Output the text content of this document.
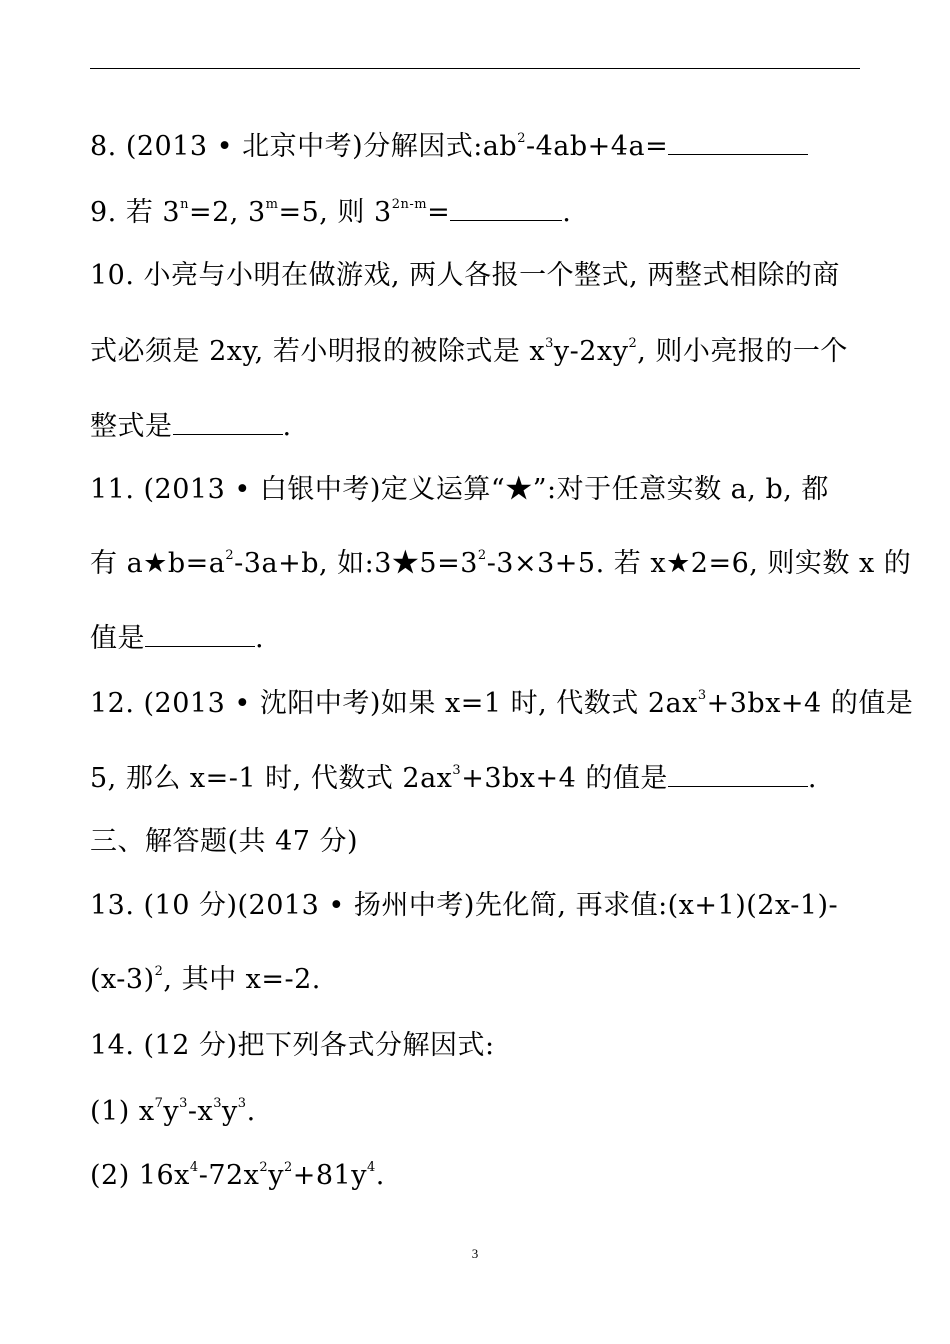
8. (2013 • 北京中考)分解因式$:ab^2-4ab+4a=$
9. 若 $3^n=2$, $3^m=5$, 则 $3^{2n-m}=$	.
10. 小亮与小明在做游戏, 两人各报一个整式, 两整式相除的商
式必须是 2xy, 若小明报的被除式是 $x^3y-2xy^2$, 则小亮报的一个
整式是	.
11. (2013 • 白银中考)定义运算“★”:对于任意实数 a, b, 都
有 $a★b=a^2-3a+b$, 如$:3★5=3^2-3\times 3+5$. 若 x★2=6, 则实数 x 的
值是	.
12. (2013 • 沈阳中考)如果 x=1 时, 代数式 $2ax^3+3bx+4$ 的值是
5, 那么 x=-1 时, 代数式 $2ax^3+3bx+4$ 的值是	.
三、解答题(共 47 分)
13. (10 分)(2013 • 扬州中考)先化简, 再求值:(x+1)(2x-1)-
$(x-3)^2$, 其中 x=-2.
14. (12 分)把下列各式分解因式:
(1) $x^7y^3-x^3y^3$.
(2) $16x^4-72x^2y^2+81y^4$.
3
